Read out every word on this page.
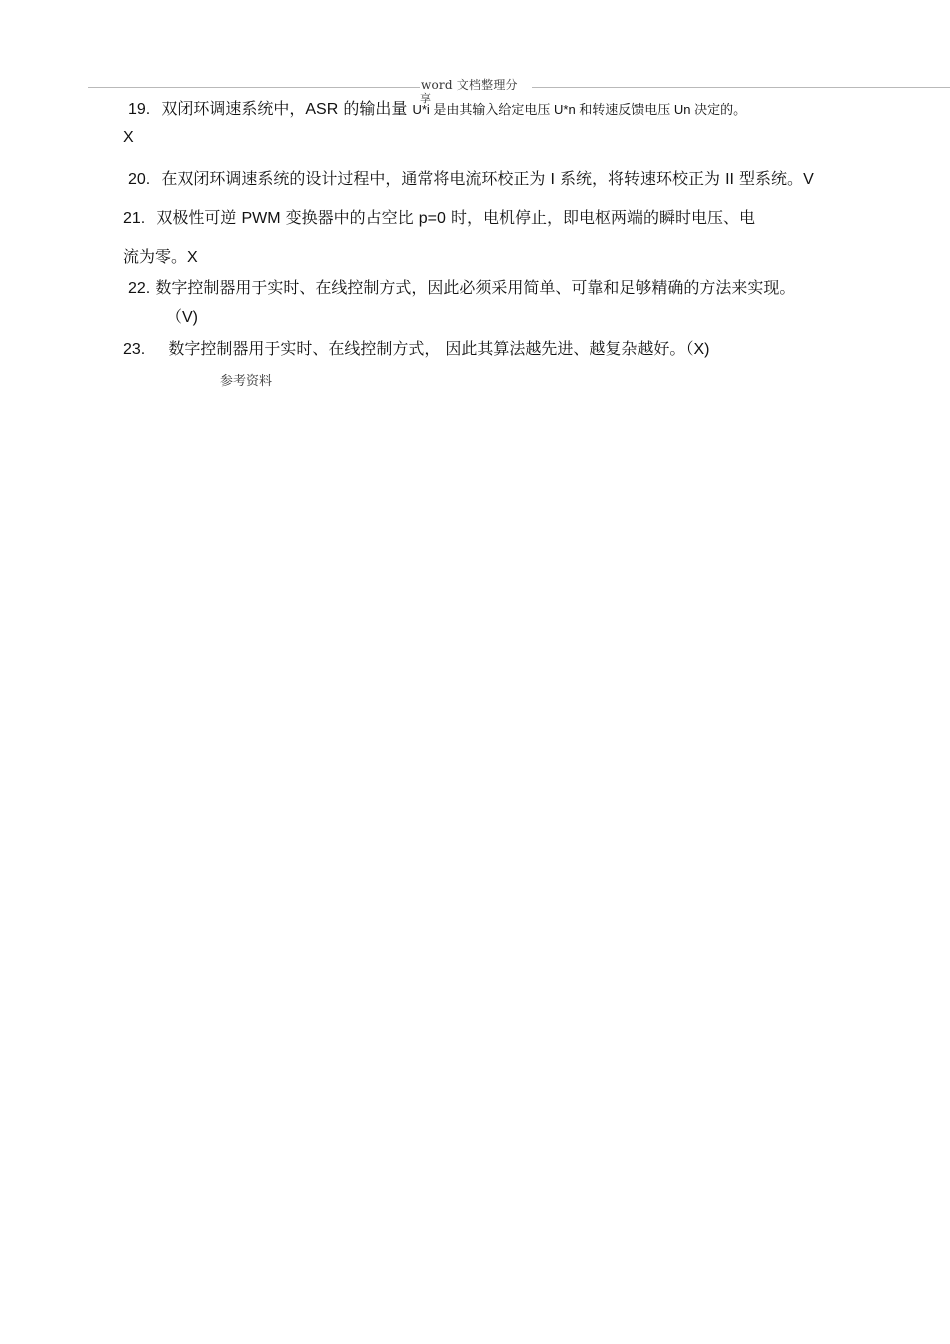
word 文档整理分
享
19. 双闭环调速系统中，ASR 的输出量 U*i 是由其输入给定电压 U*n 和转速反馈电压 Un 决定的。
X
20. 在双闭环调速系统的设计过程中，通常将电流环校正为 I 系统，将转速环校正为 II 型系统。V
21. 双极性可逆 PWM 变换器中的占空比 p=0 时，电机停止，即电枢两端的瞬时电压、电
流为零。X
22. 数字控制器用于实时、在线控制方式，因此必须采用简单、可靠和足够精确的方法来实现。
（V)
23. 数字控制器用于实时、在线控制方式， 因此其算法越先进、越复杂越好。（X)
参考资料
